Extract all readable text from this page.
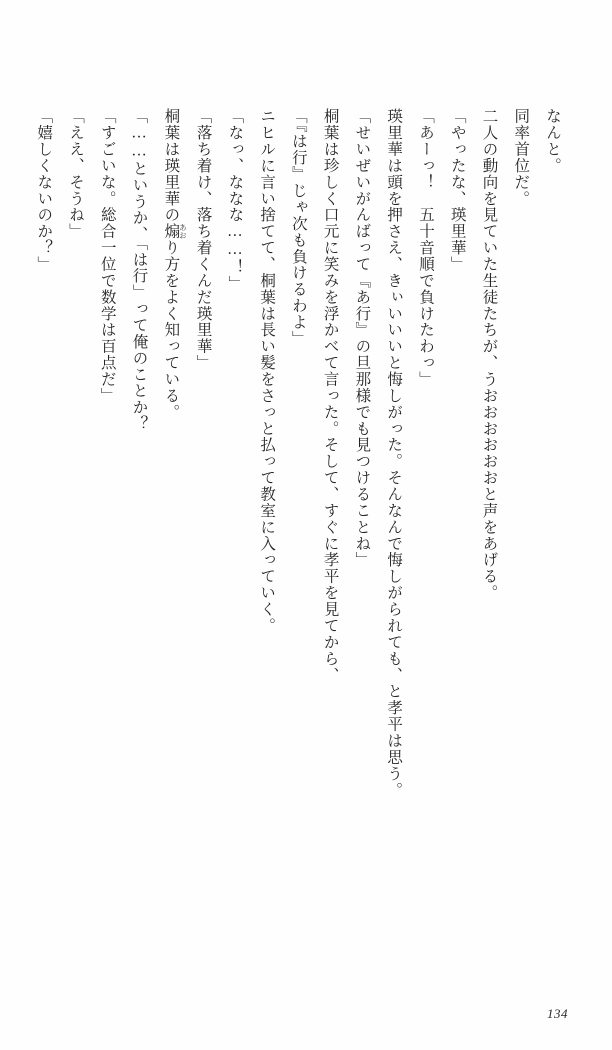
なんと。

同率首位だ。

二人の動向を見ていた生徒たちが、うおおおおおおと声をあげる。

「やったな、瑛里華」

「あーっ！　五十音順で負けたわっ」

瑛里華は頭を押さえ、きぃいいいと悔しがった。そんなんで悔しがられても、と孝平は思う。

「せいぜいがんばって『あ行』の旦那様でも見つけることね」

桐葉は珍しく口元に笑みを浮かべて言った。そして、すぐに孝平を見てから、

「『は行』じゃ次も負けるわよ」

ニヒルに言い捨てて、桐葉は長い髪をさっと払って教室に入っていく。

「なっ、ななな……！」

「落ち着け、落ち着くんだ瑛里華」

桐葉は瑛里華の煽 あおり方をよく知っている。

「……というか、「は行」って俺のことか？

「すごいな。総合一位で数学は百点だ」

「ええ、そうね」

「嬉しくないのか？」

134
